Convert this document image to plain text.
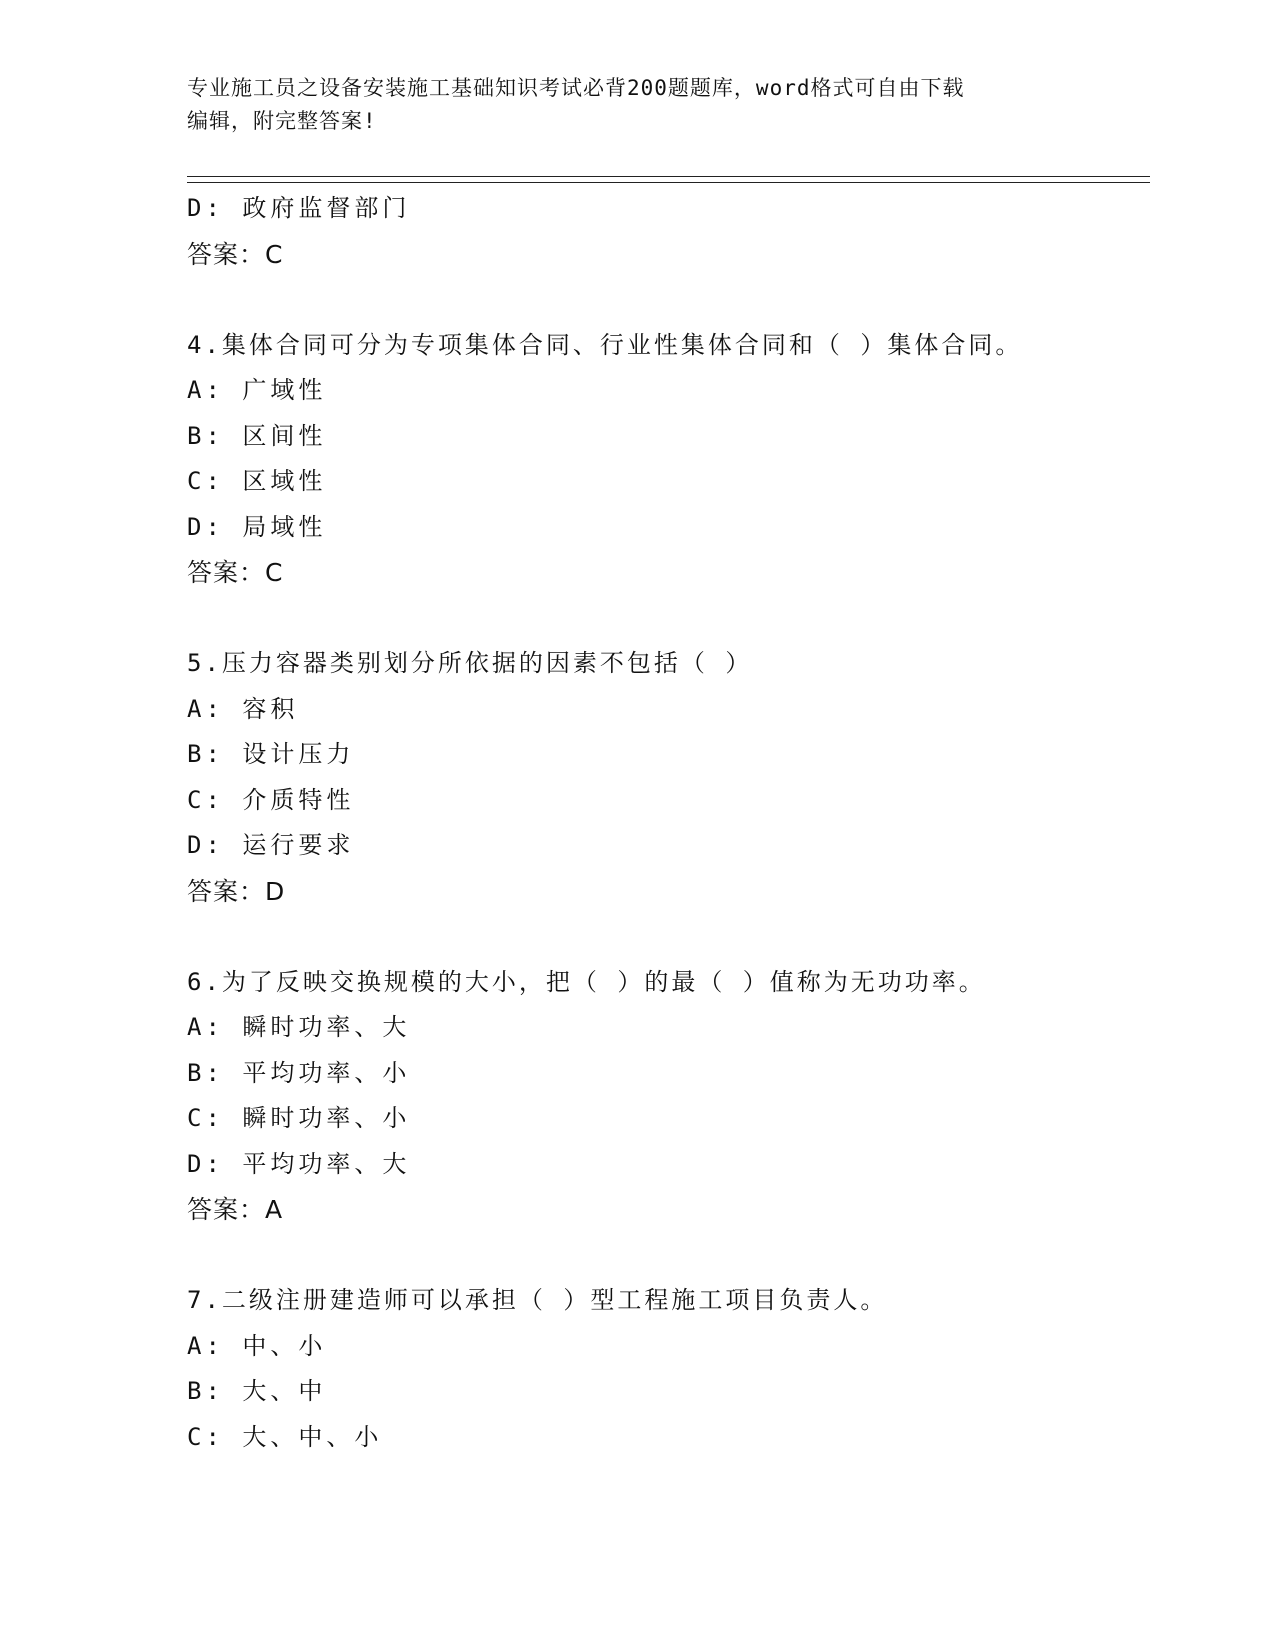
专业施工员之设备安装施工基础知识考试必背200题题库，word格式可自由下载
编辑，附完整答案!
D: 政府监督部门
答案：C
4.集体合同可分为专项集体合同、行业性集体合同和（ ）集体合同。
A: 广域性
B: 区间性
C: 区域性
D: 局域性
答案：C
5.压力容器类别划分所依据的因素不包括（ ）
A: 容积
B: 设计压力
C: 介质特性
D: 运行要求
答案：D
6.为了反映交换规模的大小，把（ ）的最（ ）值称为无功功率。
A: 瞬时功率、大
B: 平均功率、小
C: 瞬时功率、小
D: 平均功率、大
答案：A
7.二级注册建造师可以承担（ ）型工程施工项目负责人。
A: 中、小
B: 大、中
C: 大、中、小
